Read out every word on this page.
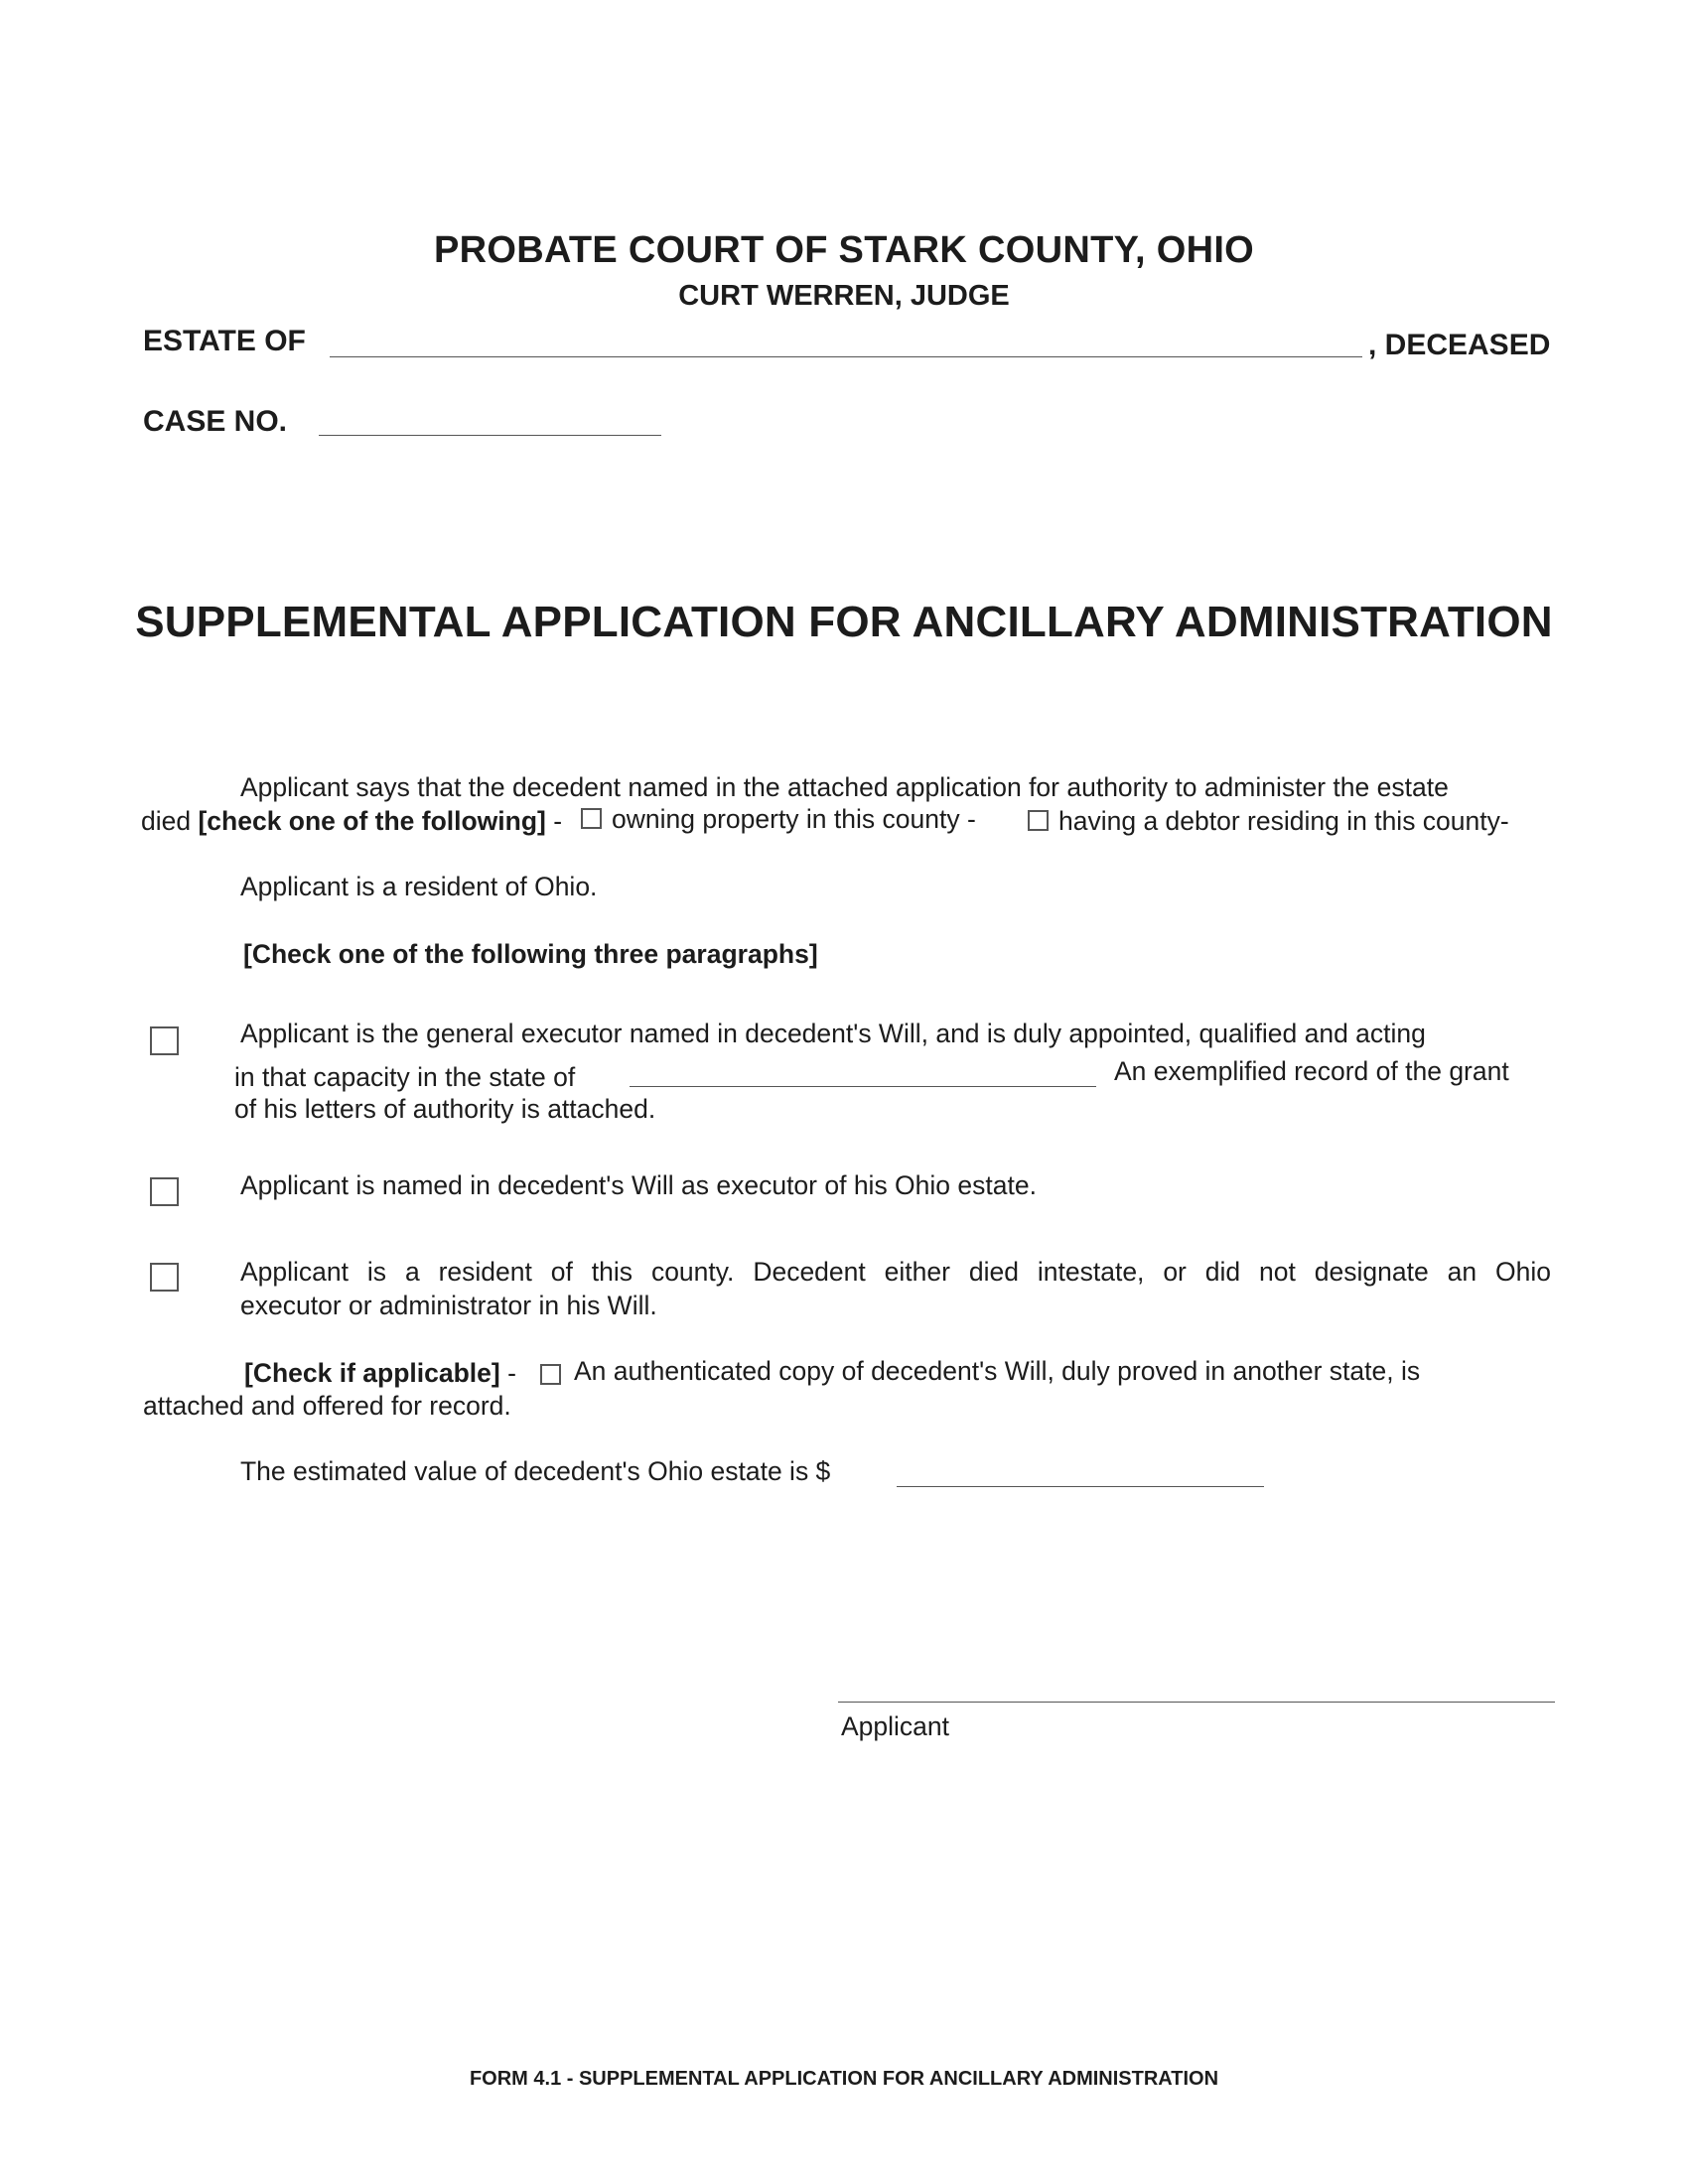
PROBATE COURT OF STARK COUNTY, OHIO
CURT WERREN, JUDGE
ESTATE OF	, DECEASED
CASE NO.
SUPPLEMENTAL APPLICATION FOR ANCILLARY ADMINISTRATION
Applicant says that the decedent named in the attached application for authority to administer the estate
died [check one of the following] - owning property in this county -	having a debtor residing in this county-
Applicant is a resident of Ohio.
[Check one of the following three paragraphs]
Applicant is the general executor named in decedent's Will, and is duly appointed, qualified and acting
in that capacity in the state of	An exemplified record of the grant
of his letters of authority is attached.
Applicant is named in decedent's Will as executor of his Ohio estate.
Applicant is a resident of this county. Decedent either died intestate, or did not designate an Ohio
executor or administrator in his Will.
[Check if applicable] - An authenticated copy of decedent's Will, duly proved in another state, is
attached and offered for record.
The estimated value of decedent's Ohio estate is $
Applicant
FORM 4.1 - SUPPLEMENTAL APPLICATION FOR ANCILLARY ADMINISTRATION
